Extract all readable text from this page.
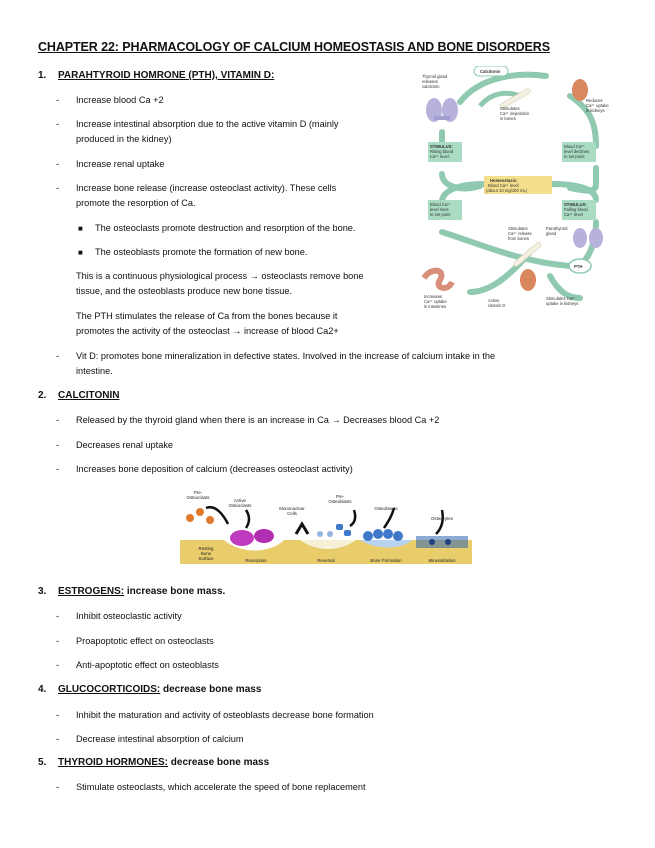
CHAPTER 22: PHARMACOLOGY OF CALCIUM HOMEOSTASIS AND BONE DISORDERS
1. PARAHTYROID HOMRONE (PTH), VITAMIN D:
- Increase blood Ca +2
- Increase intestinal absorption due to the active vitamin D (mainly
produced in the kidney)
- Increase renal uptake
- Increase bone release (increase osteoclast activity). These cells
promote the resorption of Ca.
■ The osteoclasts promote destruction and resorption of the bone.
■ The osteoblasts promote the formation of new bone.
This is a continuous physiological process → osteoclasts remove bone
tissue, and the osteoblasts produce new bone tissue.
The PTH stimulates the release of Ca from the bones because it
promotes the activity of the osteoclast → increase of blood Ca2+
- Vit D: promotes bone mineralization in defective states. Involved in the increase of calcium intake in the
intestine.
2. CALCITONIN
- Released by the thyroid gland when there is an increase in Ca → Decreases blood Ca +2
- Decreases renal uptake
- Increases bone deposition of calcium (decreases osteoclast activity)
3. ESTROGENS: increase bone mass.
- Inhibit osteoclastic activity
- Proapoptotic effect on osteoclasts
- Anti-apoptotic effect on osteoblasts
4. GLUCOCORTICOIDS: decrease bone mass
- Inhibit the maturation and activity of osteoblasts decrease bone formation
- Decrease intestinal absorption of calcium
5. THYROID HORMONES: decrease bone mass
- Stimulate osteoclasts, which accelerate the speed of bone replacement
Thyroid gland releases calcitonin
Calcitonin
Stimulates Ca²⁺ deposition in bones
Reduces Ca²⁺ uptake in kidneys
STIMULUS: Rising blood Ca²⁺ level
Blood Ca²⁺ level declines to set point
Homeostasis: Blood Ca²⁺ level (about 10 mg/100 mL)
Blood Ca²⁺ level rises to set point
STIMULUS: Falling blood Ca²⁺ level
Stimulates Ca²⁺ release from bones
Parathyroid gland
PTH
Increases Ca²⁺ uptake in intestines
Active vitamin D
Stimulates Ca²⁺ uptake in kidneys
Pre-Osteoclasts
Active Osteoclasts
Mononuclear Cells
Pre-Osteoblasts
Osteoblasts
Osteocytes
Resting Bone Surface	Resorption	Reversal	Bone Formation	Mineralization
